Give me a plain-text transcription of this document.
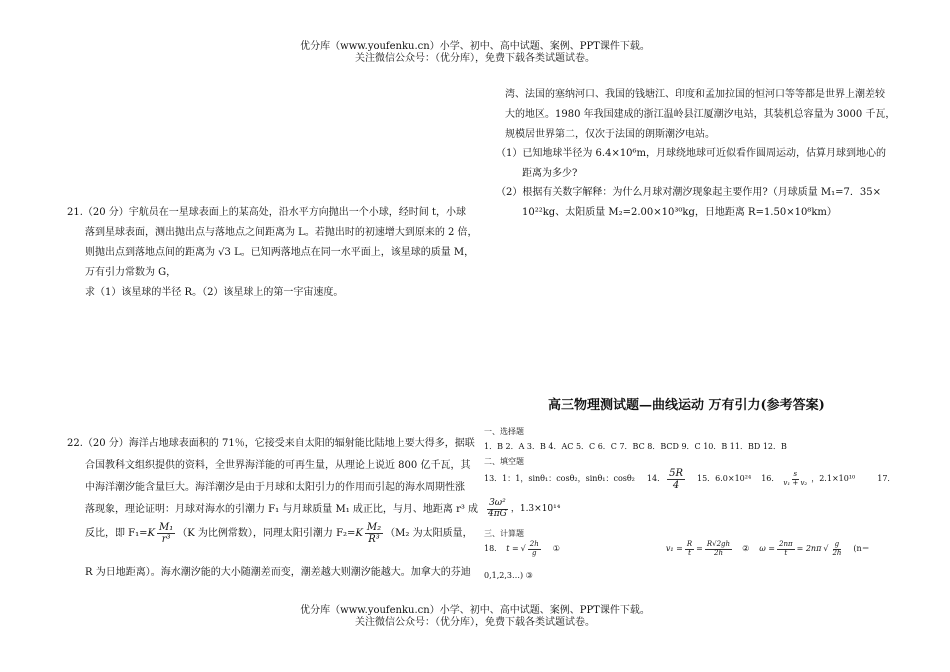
优分库（www.youfenku.cn）小学、初中、高中试题、案例、PPT课件下载。
关注微信公众号：（优分库），免费下载各类试题试卷。
21.（20 分）宇航员在一星球表面上的某高处，沿水平方向抛出一个小球，经时间 t，小球
落到星球表面，测出抛出点与落地点之间距离为 L。若抛出时的初速增大到原来的 2 倍，
则抛出点到落地点间的距离为 √3 L。已知两落地点在同一水平面上，该星球的质量 M，
万有引力常数为 G，
求（1）该星球的半径 R。（2）该星球上的第一宇宙速度。
22.（20 分）海洋占地球表面积的 71％，它接受来自太阳的辐射能比陆地上要大得多，据联
合国教科文组织提供的资料，全世界海洋能的可再生量，从理论上说近 800 亿千瓦，其
中海洋潮汐能含量巨大。海洋潮汐是由于月球和太阳引力的作用而引起的海水周期性涨
落现象，理论证明：月球对海水的引潮力 F₁ 与月球质量 M₁ 成正比，与月、地距离 r³ 成
反比，即 $F_1=K \frac{\text{M₁}}{\text{r³}} (K$ 为比例常数），同理太阳引潮力 $F_2=K \frac{\text{M₂}}{\text{R³}} (M_2$ 为太阳质量，
R 为日地距离）。海水潮汐能的大小随潮差而变，潮差越大则潮汐能越大。加拿大的芬迪
湾、法国的塞纳河口、我国的钱塘江、印度和孟加拉国的恒河口等等都是世界上潮差较
大的地区。1980 年我国建成的浙江温岭县江厦潮汐电站，其装机总容量为 3000 千瓦，
规模居世界第二，仅次于法国的朗斯潮汐电站。
（1）已知地球半径为 6.4×10⁶m，月球绕地球可近似看作圆周运动，估算月球到地心的
距离为多少?
（2）根据有关数字解释：为什么月球对潮汐现象起主要作用?（月球质量 M₁=7．35×
10²²kg、太阳质量 M₂=2.00×10³⁰kg，日地距离 R=1.50×10⁸km）
高三物理测试题—曲线运动 万有引力(参考答案)
一、选择题
1．B 2．A 3．B 4．AC 5．C 6．C 7．BC 8．BCD 9．C 10．B 11．BD 12．B
二、填空题
13．1：1，sinθ₁：cosθ₂，sinθ₁：cosθ₂ 14． $\frac{5R}{4} 15$．6.0×10²⁴ 16． $\frac{s}{\text{v₁ + v₂}}$ ，2.1×10¹⁰	17．
$\frac{\text{3ω²}}{4\pi G}$ ，1.3×10¹⁴
三、计算题
18． t = √ $\frac{2h}{g}$ ①	$v_1 = \frac{R}{t} = \frac{R√2gh}{2h}$ ② $\omega = \frac{2n\pi}{t} = 2n\pi$ √ $\frac{g}{2h} (n=$
0,1,2,3…) ③
优分库（www.youfenku.cn）小学、初中、高中试题、案例、PPT课件下载。
关注微信公众号：（优分库），免费下载各类试题试卷。
